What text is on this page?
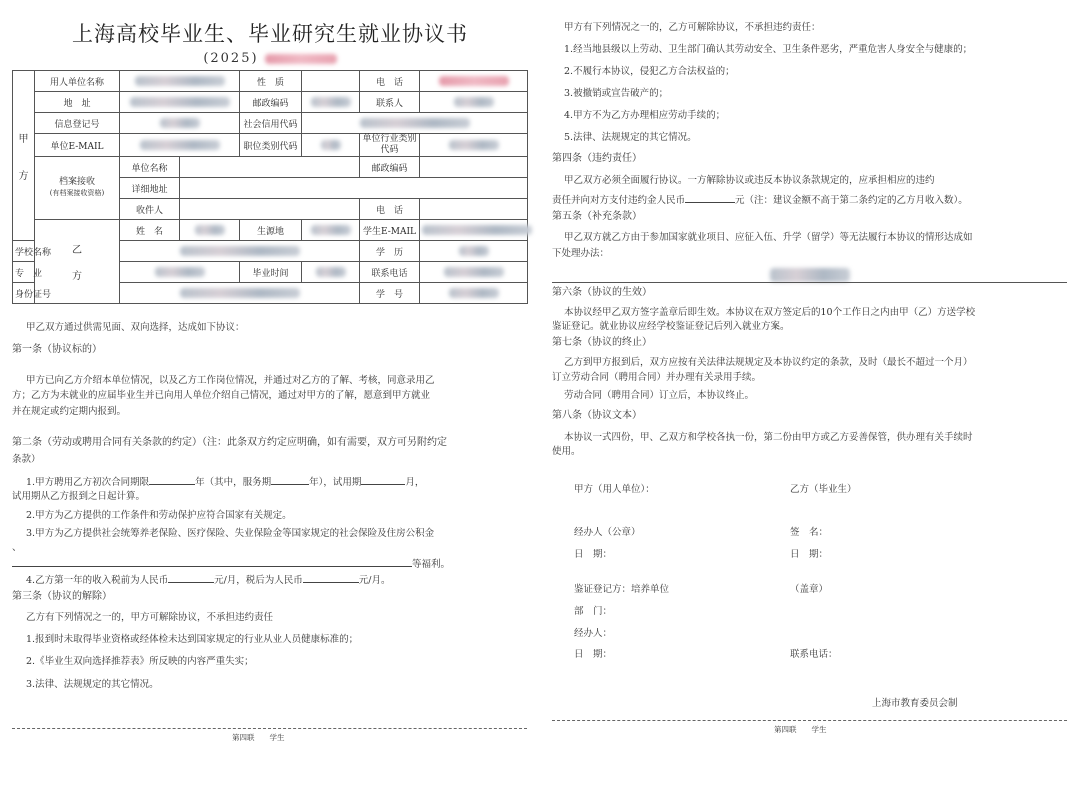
上海高校毕业生、毕业研究生就业协议书
(2025)
甲

方	用人单位名称			性　质		电　话	
	地　址			邮政编码		联系人	
	信息登记号			社会信用代码			
	单位E-MAIL			职位类别代码		单位行业类别代码	
	档案接收
(有档案接收资格)	单位名称				邮政编码	
		详细地址					
		收件人				电　话	
	乙

方	姓　名		生源地		学生E-MAIL	
学校名称						学　历	
专　业				毕业时间		联系电话	
身份证号						学　号	
甲乙双方通过供需见面、双向选择，达成如下协议：
第一条（协议标的）
甲方已向乙方介绍本单位情况，以及乙方工作岗位情况，并通过对乙方的了解、考核，同意录用乙
方；乙方为未就业的应届毕业生并已向用人单位介绍自己情况，通过对甲方的了解，愿意到甲方就业
并在规定或约定期内报到。
第二条（劳动或聘用合同有关条款的约定）（注：此条双方约定应明确，如有需要，双方可另附约定
条款）
1.甲方聘用乙方初次合同期限	年（其中，服务期	年），试用期	月，
试用期从乙方报到之日起计算。
2.甲方为乙方提供的工作条件和劳动保护应符合国家有关规定。
3.甲方为乙方提供社会统筹养老保险、医疗保险、失业保险金等国家规定的社会保险及住房公积金
、
等福利。
4.乙方第一年的收入税前为人民币	元/月，税后为人民币	元/月。
第三条（协议的解除）
乙方有下列情况之一的，甲方可解除协议，不承担违约责任
1.报到时未取得毕业资格或经体检未达到国家规定的行业从业人员健康标准的；
2.《毕业生双向选择推荐表》所反映的内容严重失实；
3.法律、法规规定的其它情况。
第四联　　学生
甲方有下列情况之一的，乙方可解除协议，不承担违约责任：
1.经当地县级以上劳动、卫生部门确认其劳动安全、卫生条件恶劣，严重危害人身安全与健康的；
2.不履行本协议，侵犯乙方合法权益的；
3.被撤销或宣告破产的；
4.甲方不为乙方办理相应劳动手续的；
5.法律、法规规定的其它情况。
第四条（违约责任）
甲乙双方必须全面履行协议。一方解除协议或违反本协议条款规定的，应承担相应的违约
责任并向对方支付违约金人民币	元（注：建议金额不高于第二条约定的乙方月收入数）。
第五条（补充条款）
甲乙双方就乙方由于参加国家就业项目、应征入伍、升学（留学）等无法履行本协议的情形达成如
下处理办法：
第六条（协议的生效）
本协议经甲乙双方签字盖章后即生效。本协议在双方签定后的10个工作日之内由甲（乙）方送学校
鉴证登记。就业协议应经学校鉴证登记后列入就业方案。
第七条（协议的终止）
乙方到甲方报到后，双方应按有关法律法规规定及本协议约定的条款，及时（最长不超过一个月）
订立劳动合同（聘用合同）并办理有关录用手续。
劳动合同（聘用合同）订立后，本协议终止。
第八条（协议文本）
本协议一式四份，甲、乙双方和学校各执一份，第二份由甲方或乙方妥善保管，供办理有关手续时
使用。
甲方（用人单位）：	乙方（毕业生）
经办人（公章）	签　名：
日　期：	日　期：
鉴证登记方：培养单位	（盖章）
部　门：
经办人：
日　期：	联系电话：
上海市教育委员会制
第四联　　学生
